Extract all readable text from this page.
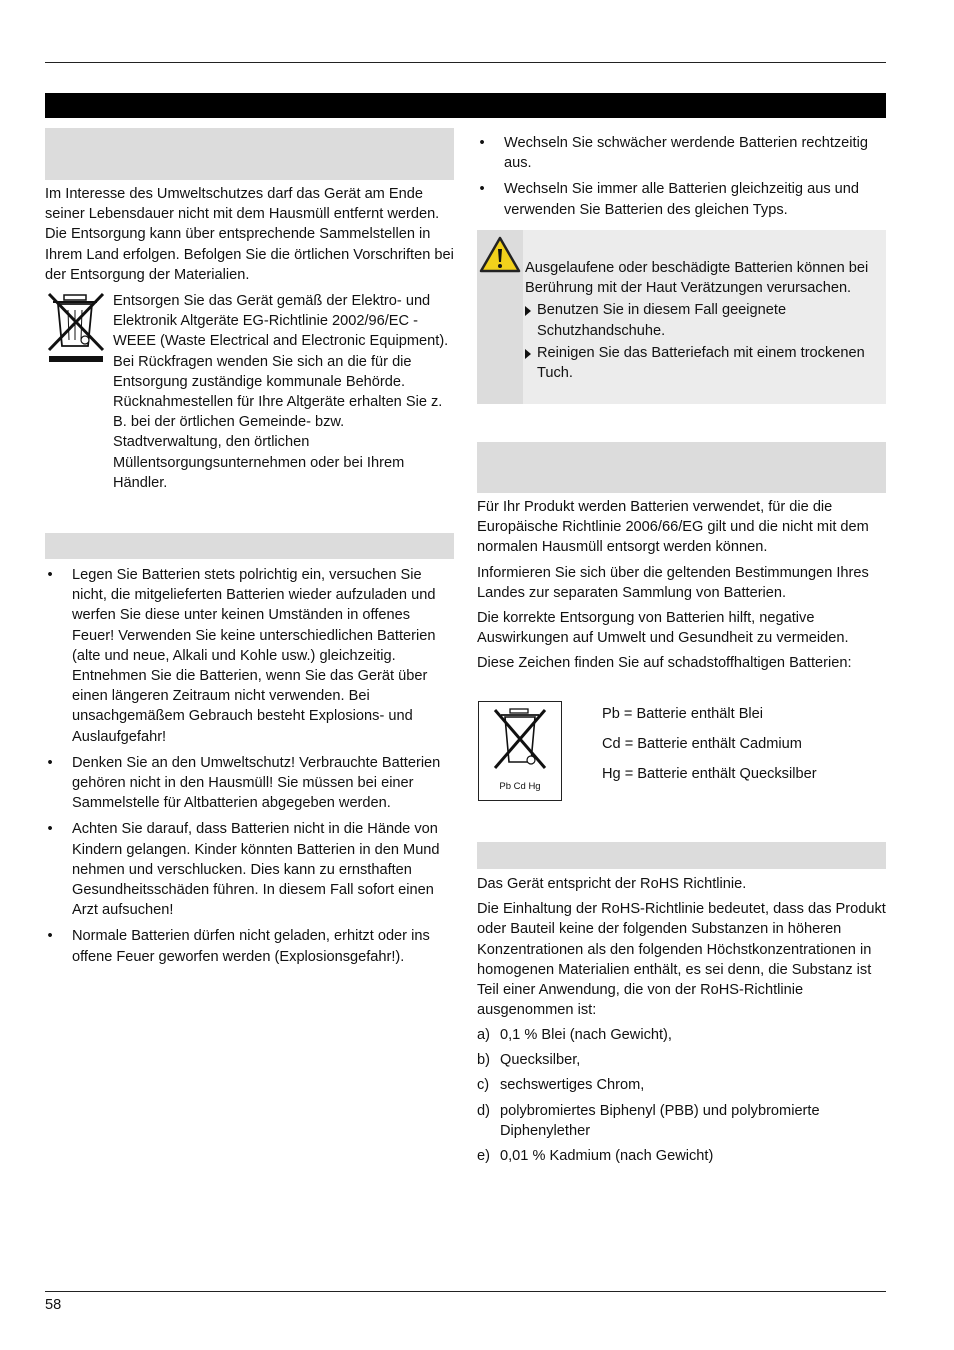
Im Interesse des Umweltschutzes darf das Gerät am Ende seiner Lebensdauer nicht mit dem Hausmüll entfernt werden. Die Entsorgung kann über entsprechende Sammelstellen in Ihrem Land erfolgen. Befolgen Sie die örtlichen Vorschriften bei der Entsorgung der Materialien.

Entsorgen Sie das Gerät gemäß der Elektro- und Elektronik Altgeräte EG-Richtlinie 2002/96/EC - WEEE (Waste Electrical and Electronic Equipment). Bei Rückfragen wenden Sie sich an die für die Entsorgung zuständige kommunale Behörde. Rücknahmestellen für Ihre Altgeräte erhalten Sie z. B. bei der örtlichen Gemeinde- bzw. Stadtverwaltung, den örtlichen Müllentsorgungsunternehmen oder bei Ihrem Händler.

• Legen Sie Batterien stets polrichtig ein, versuchen Sie nicht, die mitgelieferten Batterien wieder aufzuladen und werfen Sie diese unter keinen Umständen in offenes Feuer! Verwenden Sie keine unterschiedlichen Batterien (alte und neue, Alkali und Kohle usw.) gleichzeitig. Entnehmen Sie die Batterien, wenn Sie das Gerät über einen längeren Zeitraum nicht verwenden. Bei unsachgemäßem Gebrauch besteht Explosions- und Auslaufgefahr!
• Denken Sie an den Umweltschutz! Verbrauchte Batterien gehören nicht in den Hausmüll! Sie müssen bei einer Sammelstelle für Altbatterien abgegeben werden.
• Achten Sie darauf, dass Batterien nicht in die Hände von Kindern gelangen. Kinder könnten Batterien in den Mund nehmen und verschlucken. Dies kann zu ernsthaften Gesundheitsschäden führen. In diesem Fall sofort einen Arzt aufsuchen!
• Normale Batterien dürfen nicht geladen, erhitzt oder ins offene Feuer geworfen werden (Explosionsgefahr!).
• Wechseln Sie schwächer werdende Batterien rechtzeitig aus.
• Wechseln Sie immer alle Batterien gleichzeitig aus und verwenden Sie Batterien des gleichen Typs.

Ausgelaufene oder beschädigte Batterien können bei Berührung mit der Haut Verätzungen verursachen.

Benutzen Sie in diesem Fall geeignete Schutzhandschuhe.
Reinigen Sie das Batteriefach mit einem trockenen Tuch.

Für Ihr Produkt werden Batterien verwendet, für die die Europäische Richtlinie 2006/66/EG gilt und die nicht mit dem normalen Hausmüll entsorgt werden können.

Informieren Sie sich über die geltenden Bestimmungen Ihres Landes zur separaten Sammlung von Batterien.

Die korrekte Entsorgung von Batterien hilft, negative Auswirkungen auf Umwelt und Gesundheit zu vermeiden.

Diese Zeichen finden Sie auf schadstoffhaltigen Batterien:

Pb Cd Hg

Pb = Batterie enthält Blei

Cd = Batterie enthält Cadmium

Hg = Batterie enthält Quecksilber

Das Gerät entspricht der RoHS Richtlinie.

Die Einhaltung der RoHS-Richtlinie bedeutet, dass das Produkt oder Bauteil keine der folgenden Substanzen in höheren Konzentrationen als den folgenden Höchstkonzentrationen in homogenen Materialien enthält, es sei denn, die Substanz ist Teil einer Anwendung, die von der RoHS-Richtlinie ausgenommen ist:

a) 0,1 % Blei (nach Gewicht),
b) Quecksilber,
c) sechswertiges Chrom,
d) polybromiertes Biphenyl (PBB) und polybromierte Diphenylether
e) 0,01 % Kadmium (nach Gewicht)
58
